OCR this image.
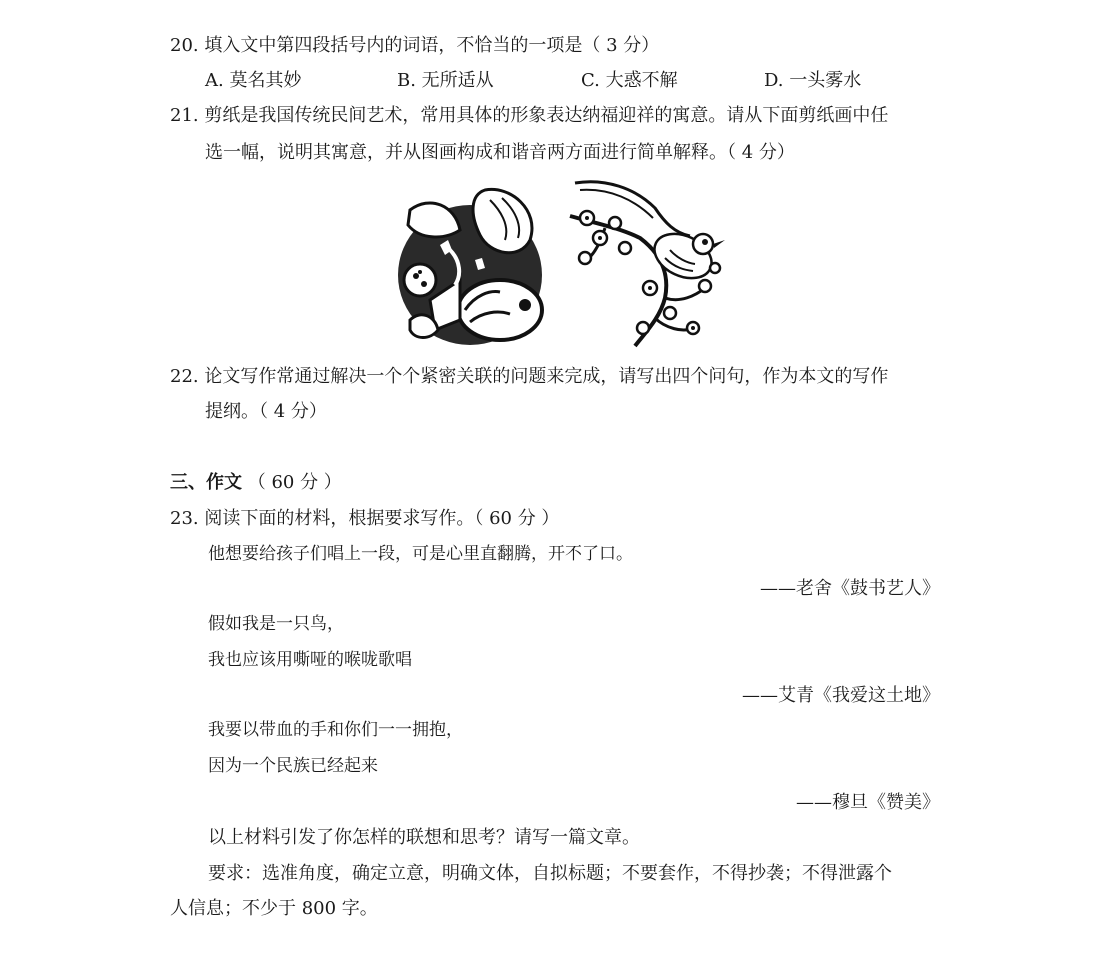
20. 填入文中第四段括号内的词语，不恰当的一项是（ 3 分）
A. 莫名其妙	B. 无所适从	C. 大惑不解	D. 一头雾水
21. 剪纸是我国传统民间艺术，常用具体的形象表达纳福迎祥的寓意。请从下面剪纸画中任
选一幅，说明其寓意，并从图画构成和谐音两方面进行简单解释。（ 4 分）
22. 论文写作常通过解决一个个紧密关联的问题来完成，请写出四个问句，作为本文的写作
提纲。（ 4 分）
三、作文 （ 60 分 ）
23. 阅读下面的材料，根据要求写作。（ 60 分 ）
他想要给孩子们唱上一段，可是心里直翻腾，开不了口。
——老舍《鼓书艺人》
假如我是一只鸟，
我也应该用嘶哑的喉咙歌唱
——艾青《我爱这土地》
我要以带血的手和你们一一拥抱，
因为一个民族已经起来
——穆旦《赞美》
以上材料引发了你怎样的联想和思考？请写一篇文章。
要求：选准角度，确定立意，明确文体，自拟标题；不要套作，不得抄袭；不得泄露个
人信息；不少于 800 字。
